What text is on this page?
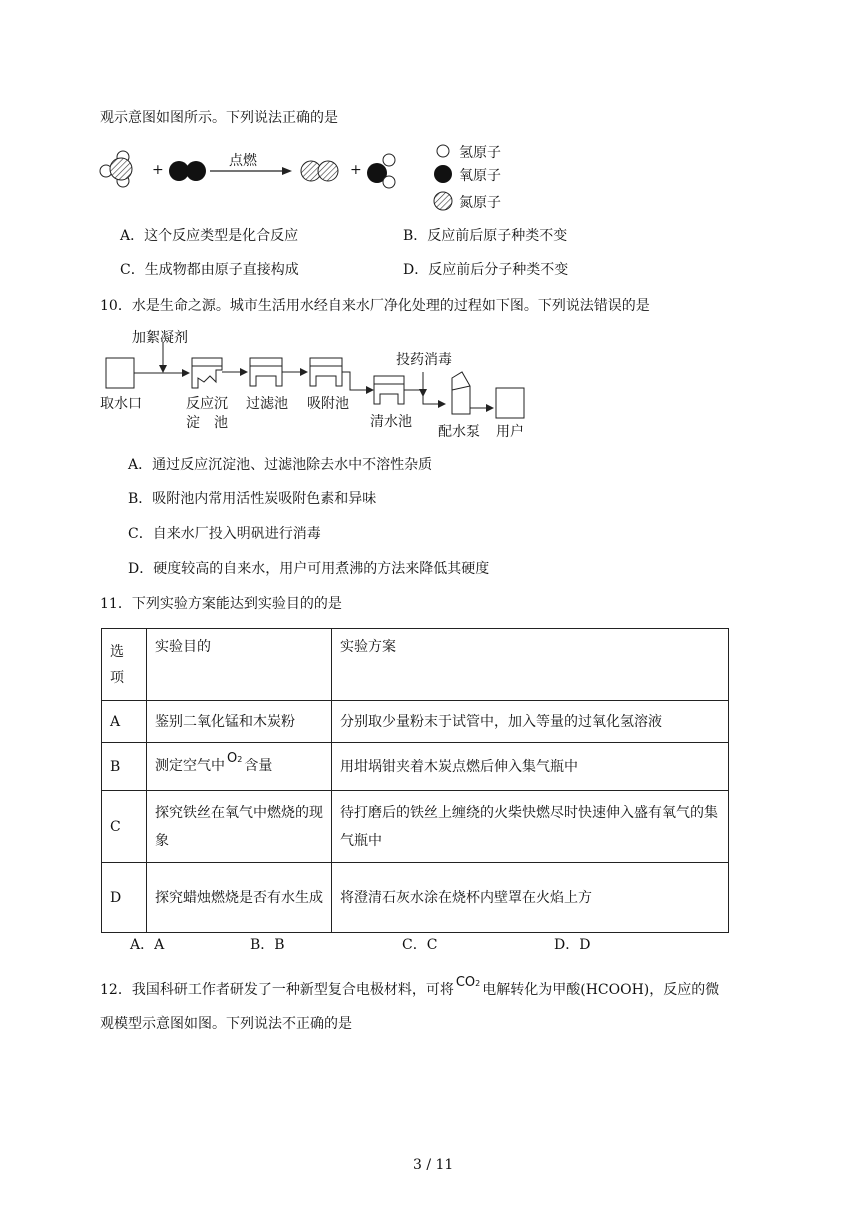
观示意图如图所示。下列说法正确的是
+	+
点燃	氢原子
氧原子
氮原子
A．这个反应类型是化合反应	B．反应前后原子种类不变
C．生成物都由原子直接构成	D．反应前后分子种类不变
10．水是生命之源。城市生活用水经自来水厂净化处理的过程如下图。下列说法错误的是
加絮凝剂
取水口	反应沉
淀　池
过滤池 吸附池
投药消毒
清水池
配水泵 用户
A．通过反应沉淀池、过滤池除去水中不溶性杂质
B．吸附池内常用活性炭吸附色素和异味
C．自来水厂投入明矾进行消毒
D．硬度较高的自来水，用户可用煮沸的方法来降低其硬度
11．下列实验方案能达到实验目的的是
选
项	实验目的	实验方案
A	鉴别二氧化锰和木炭粉	分别取少量粉末于试管中，加入等量的过氧化氢溶液
B	测定空气中 O2 含量	用坩埚钳夹着木炭点燃后伸入集气瓶中
C	探究铁丝在氧气中燃烧的现象	待打磨后的铁丝上缠绕的火柴快燃尽时快速伸入盛有氧气的集气瓶中
D	探究蜡烛燃烧是否有水生成	将澄清石灰水涂在烧杯内壁罩在火焰上方
A．A	B．B	C．C	D．D
12．我国科研工作者研发了一种新型复合电极材料，可将 CO2 电解转化为甲酸(HCOOH)，反应的微
观模型示意图如图。下列说法不正确的是
3 / 11
